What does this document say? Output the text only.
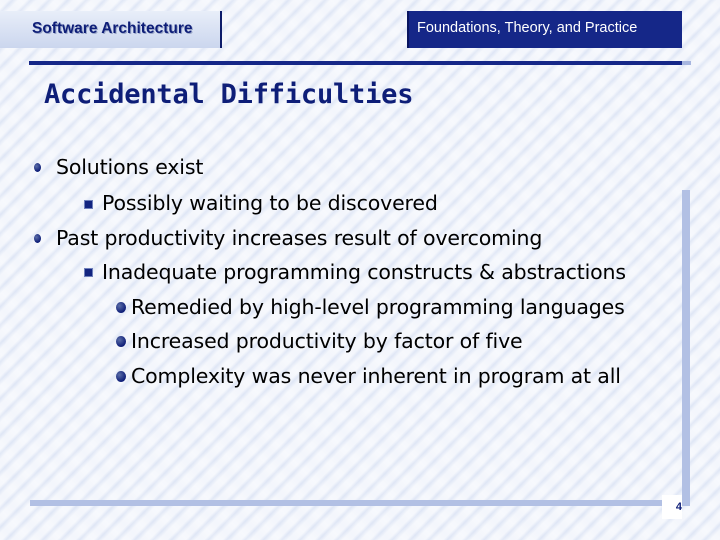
Software Architecture	Foundations, Theory, and Practice
Accidental Difficulties
Solutions exist
Possibly waiting to be discovered
Past productivity increases result of overcoming
Inadequate programming constructs & abstractions
Remedied by high-level programming languages
Increased productivity by factor of five
Complexity was never inherent in program at all
4
